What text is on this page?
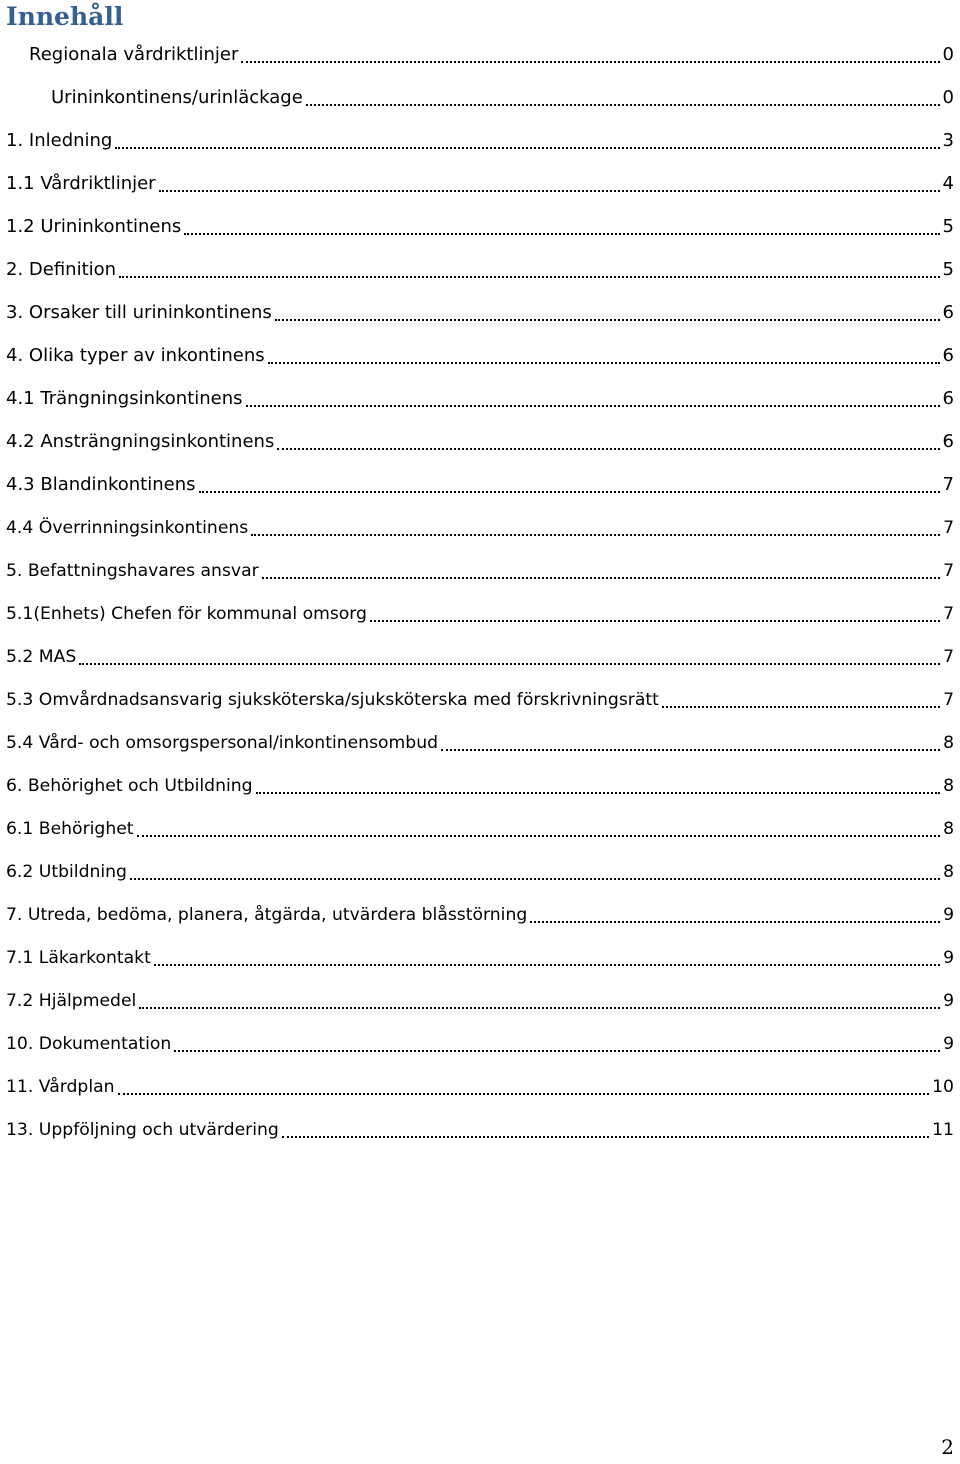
Innehåll
Regionala vårdriktlinjer	0
Urininkontinens/urinläckage	0
1. Inledning	3
1.1 Vårdriktlinjer	4
1.2 Urininkontinens	5
2. Definition	5
3. Orsaker till urininkontinens	6
4. Olika typer av inkontinens	6
4.1 Trängningsinkontinens	6
4.2 Ansträngningsinkontinens	6
4.3 Blandinkontinens	7
4.4 Överrinningsinkontinens	7
5. Befattningshavares ansvar	7
5.1(Enhets) Chefen för kommunal omsorg	7
5.2 MAS	7
5.3 Omvårdnadsansvarig sjuksköterska/sjuksköterska med förskrivningsrätt	7
5.4 Vård- och omsorgspersonal/inkontinensombud	8
6. Behörighet och Utbildning	8
6.1 Behörighet	8
6.2 Utbildning	8
7. Utreda, bedöma, planera, åtgärda, utvärdera blåsstörning	9
7.1 Läkarkontakt	9
7.2 Hjälpmedel	9
10. Dokumentation	9
11. Vårdplan	10
13. Uppföljning och utvärdering	11
2
